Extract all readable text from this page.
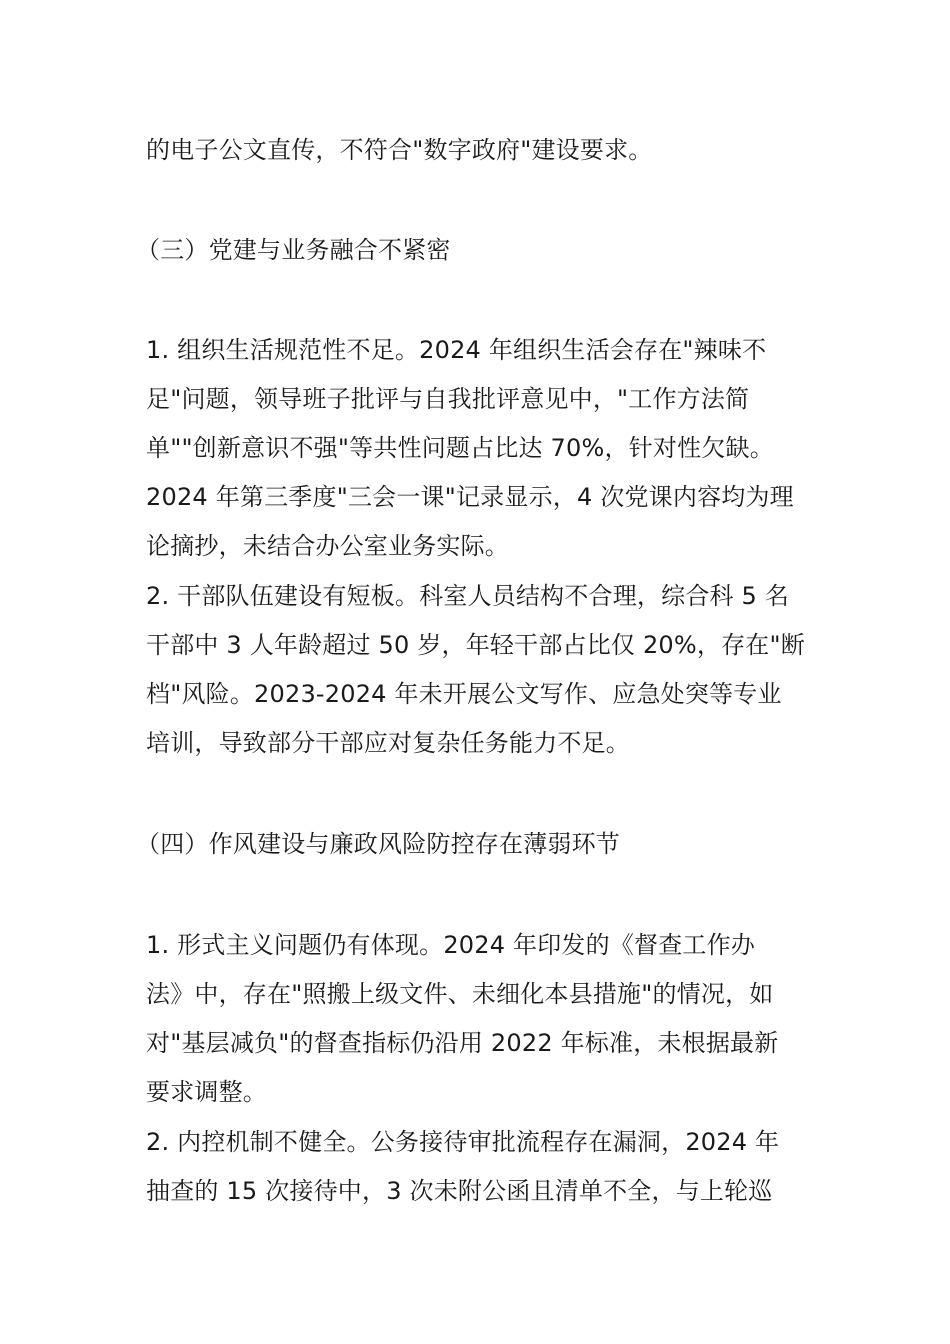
的电子公文直传，不符合"数字政府"建设要求。
（三）党建与业务融合不紧密
1. 组织生活规范性不足。2024 年组织生活会存在"辣味不
足"问题，领导班子批评与自我批评意见中，"工作方法简
单""创新意识不强"等共性问题占比达 70%，针对性欠缺。
2024 年第三季度"三会一课"记录显示，4 次党课内容均为理
论摘抄，未结合办公室业务实际。
2. 干部队伍建设有短板。科室人员结构不合理，综合科 5 名
干部中 3 人年龄超过 50 岁，年轻干部占比仅 20%，存在"断
档"风险。2023-2024 年未开展公文写作、应急处突等专业
培训，导致部分干部应对复杂任务能力不足。
（四）作风建设与廉政风险防控存在薄弱环节
1. 形式主义问题仍有体现。2024 年印发的《督查工作办
法》中，存在"照搬上级文件、未细化本县措施"的情况，如
对"基层减负"的督查指标仍沿用 2022 年标准，未根据最新
要求调整。
2. 内控机制不健全。公务接待审批流程存在漏洞，2024 年
抽查的 15 次接待中，3 次未附公函且清单不全，与上轮巡
